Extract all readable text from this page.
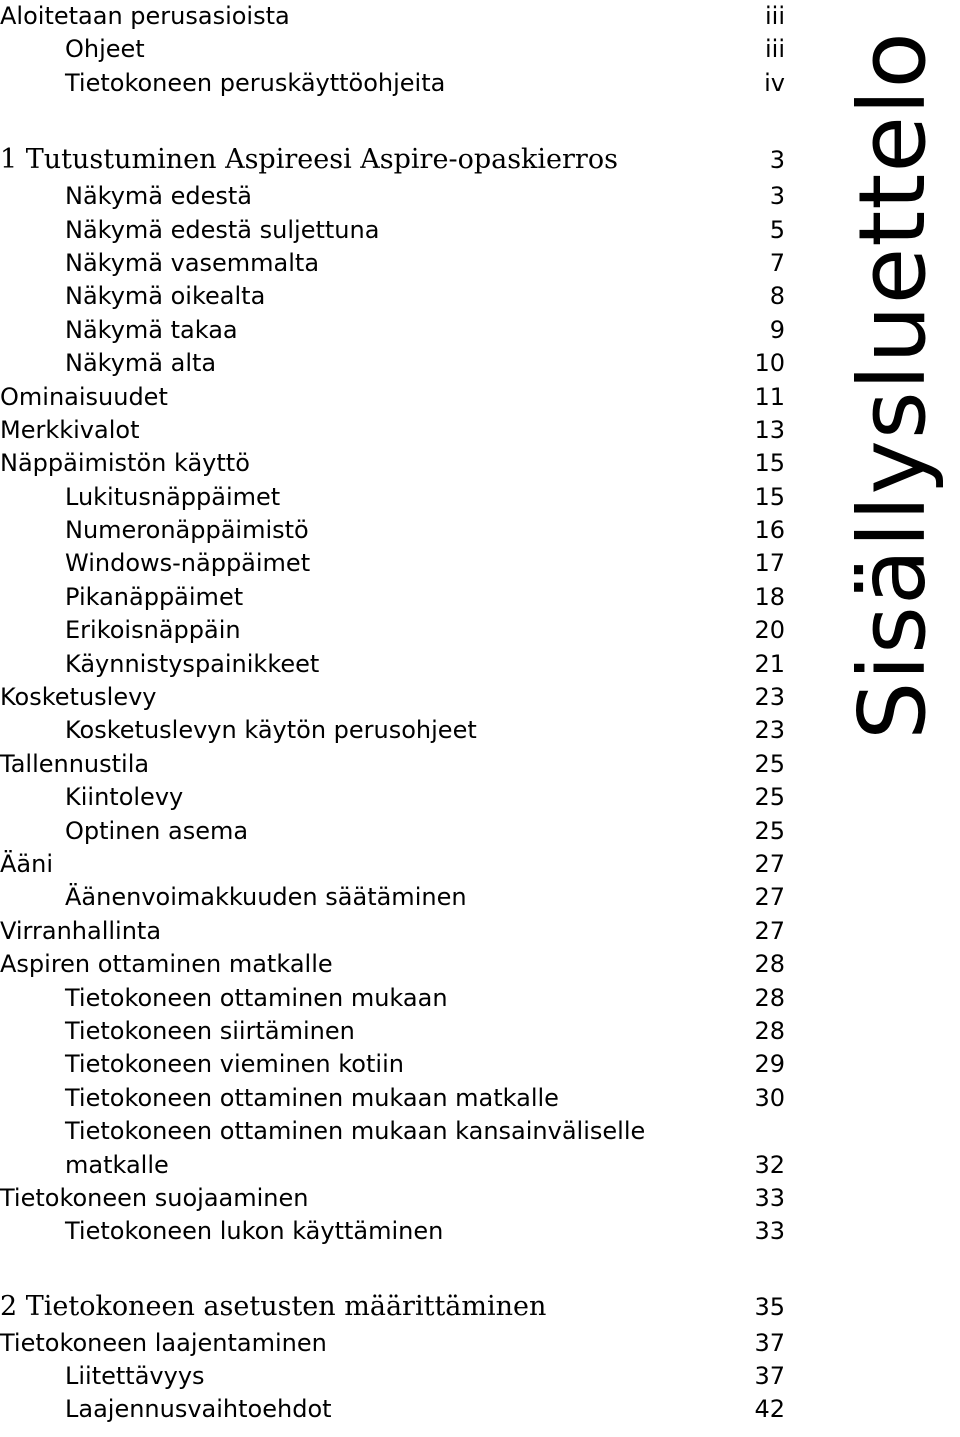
Aloitetaan perusasioista	iii
Ohjeet	iii
Tietokoneen peruskäyttöohjeita	iv
1 Tutustuminen Aspireesi Aspire-opaskierros	3
Näkymä edestä	3
Näkymä edestä suljettuna	5
Näkymä vasemmalta	7
Näkymä oikealta	8
Näkymä takaa	9
Näkymä alta	10
Ominaisuudet	11
Merkkivalot	13
Näppäimistön käyttö	15
Lukitusnäppäimet	15
Numeronäppäimistö	16
Windows-näppäimet	17
Pikanäppäimet	18
Erikoisnäppäin	20
Käynnistyspainikkeet	21
Kosketuslevy	23
Kosketuslevyn käytön perusohjeet	23
Tallennustila	25
Kiintolevy	25
Optinen asema	25
Ääni	27
Äänenvoimakkuuden säätäminen	27
Virranhallinta	27
Aspiren ottaminen matkalle	28
Tietokoneen ottaminen mukaan	28
Tietokoneen siirtäminen	28
Tietokoneen vieminen kotiin	29
Tietokoneen ottaminen mukaan matkalle	30
Tietokoneen ottaminen mukaan kansainväliselle
matkalle	32
Tietokoneen suojaaminen	33
Tietokoneen lukon käyttäminen	33
2 Tietokoneen asetusten määrittäminen	35
Tietokoneen laajentaminen	37
Liitettävyys	37
Laajennusvaihtoehdot	42
Sisällysluettelo
